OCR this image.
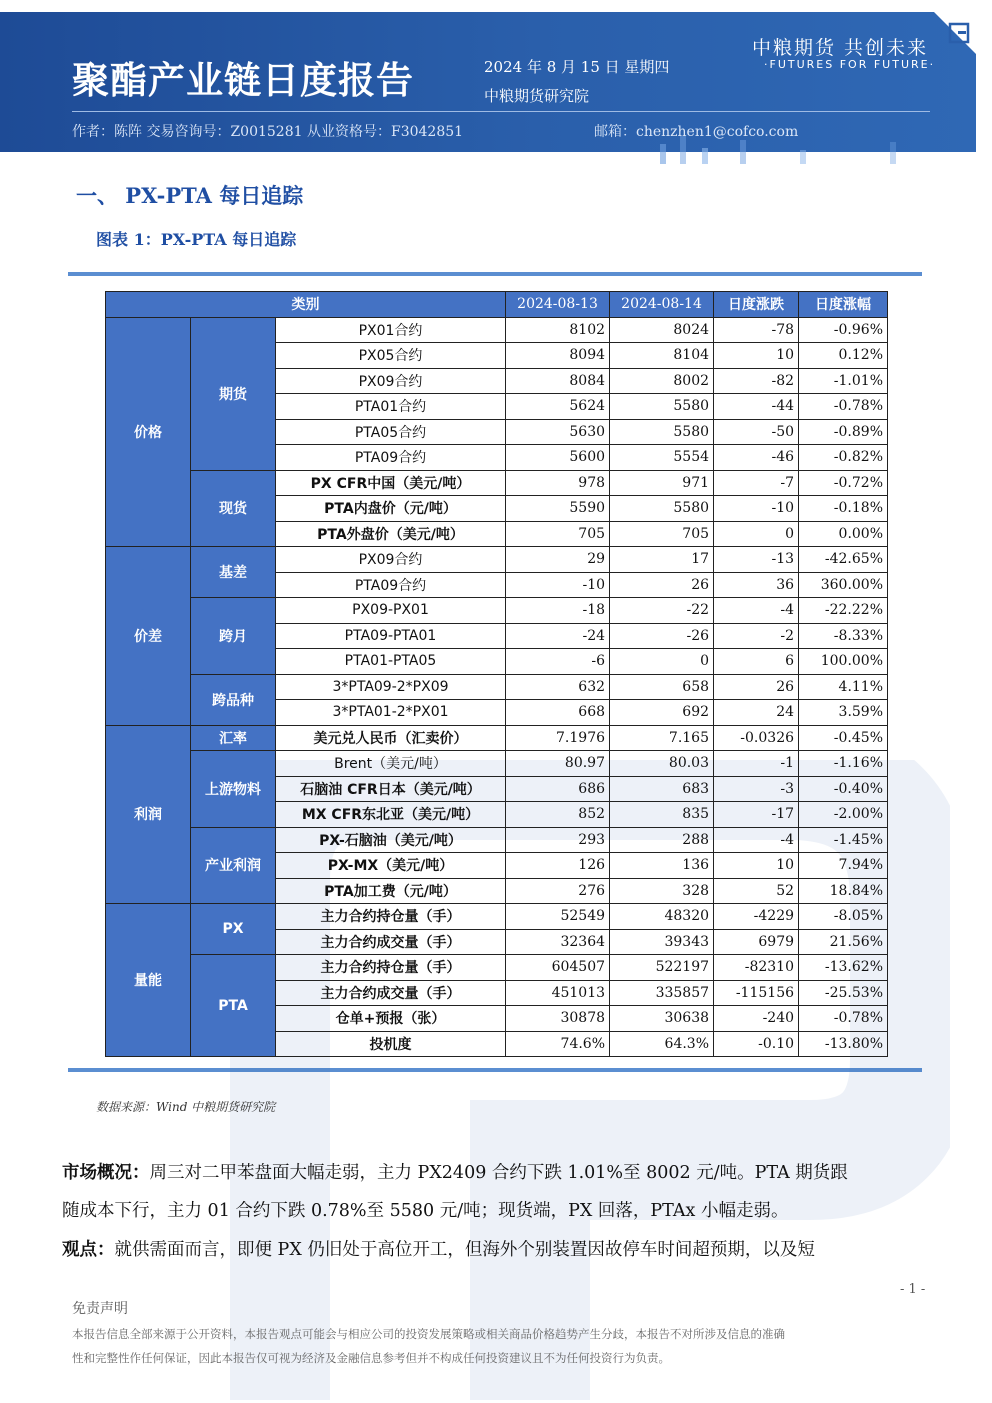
聚酯产业链日度报告	2024 年 8 月 15 日 星期四
中粮期货研究院
中粮期货 共创未来
·FUTURES FOR FUTURE·
作者：陈阵 交易咨询号：Z0015281 从业资格号：F3042851	邮箱：chenzhen1@cofco.com
一、 PX-PTA 每日追踪
图表 1：PX-PTA 每日追踪
类别			2024-08-13	2024-08-14	日度涨跌	日度涨幅
价格	期货	PX01合约	8102	8024	-78	-0.96%
		PX05合约	8094	8104	10	0.12%
		PX09合约	8084	8002	-82	-1.01%
		PTA01合约	5624	5580	-44	-0.78%
		PTA05合约	5630	5580	-50	-0.89%
		PTA09合约	5600	5554	-46	-0.82%
	现货	PX CFR中国（美元/吨）	978	971	-7	-0.72%
		PTA内盘价（元/吨）	5590	5580	-10	-0.18%
		PTA外盘价（美元/吨）	705	705	0	0.00%
价差	基差	PX09合约	29	17	-13	-42.65%
		PTA09合约	-10	26	36	360.00%
	跨月	PX09-PX01	-18	-22	-4	-22.22%
		PTA09-PTA01	-24	-26	-2	-8.33%
		PTA01-PTA05	-6	0	6	100.00%
	跨品种	3*PTA09-2*PX09	632	658	26	4.11%
		3*PTA01-2*PX01	668	692	24	3.59%
利润	汇率	美元兑人民币（汇卖价）	7.1976	7.165	-0.0326	-0.45%
	上游物料	Brent（美元/吨）	80.97	80.03	-1	-1.16%
		石脑油 CFR日本（美元/吨）	686	683	-3	-0.40%
		MX CFR东北亚（美元/吨）	852	835	-17	-2.00%
	产业利润	PX-石脑油（美元/吨）	293	288	-4	-1.45%
		PX-MX（美元/吨）	126	136	10	7.94%
		PTA加工费（元/吨）	276	328	52	18.84%
量能	PX	主力合约持仓量（手）	52549	48320	-4229	-8.05%
		主力合约成交量（手）	32364	39343	6979	21.56%
	PTA	主力合约持仓量（手）	604507	522197	-82310	-13.62%
		主力合约成交量（手）	451013	335857	-115156	-25.53%
		仓单+预报（张）	30878	30638	-240	-0.78%
		投机度	74.6%	64.3%	-0.10	-13.80%
数据来源：Wind 中粮期货研究院
市场概况：周三对二甲苯盘面大幅走弱，主力 PX2409 合约下跌 1.01%至 8002 元/吨。PTA 期货跟
随成本下行，主力 01 合约下跌 0.78%至 5580 元/吨；现货端，PX 回落，PTAx 小幅走弱。
观点：就供需面而言，即便 PX 仍旧处于高位开工，但海外个别装置因故停车时间超预期，以及短
- 1 -
免责声明
本报告信息全部来源于公开资料，本报告观点可能会与相应公司的投资发展策略或相关商品价格趋势产生分歧，本报告不对所涉及信息的准确
性和完整性作任何保证，因此本报告仅可视为经济及金融信息参考但并不构成任何投资建议且不为任何投资行为负责。
